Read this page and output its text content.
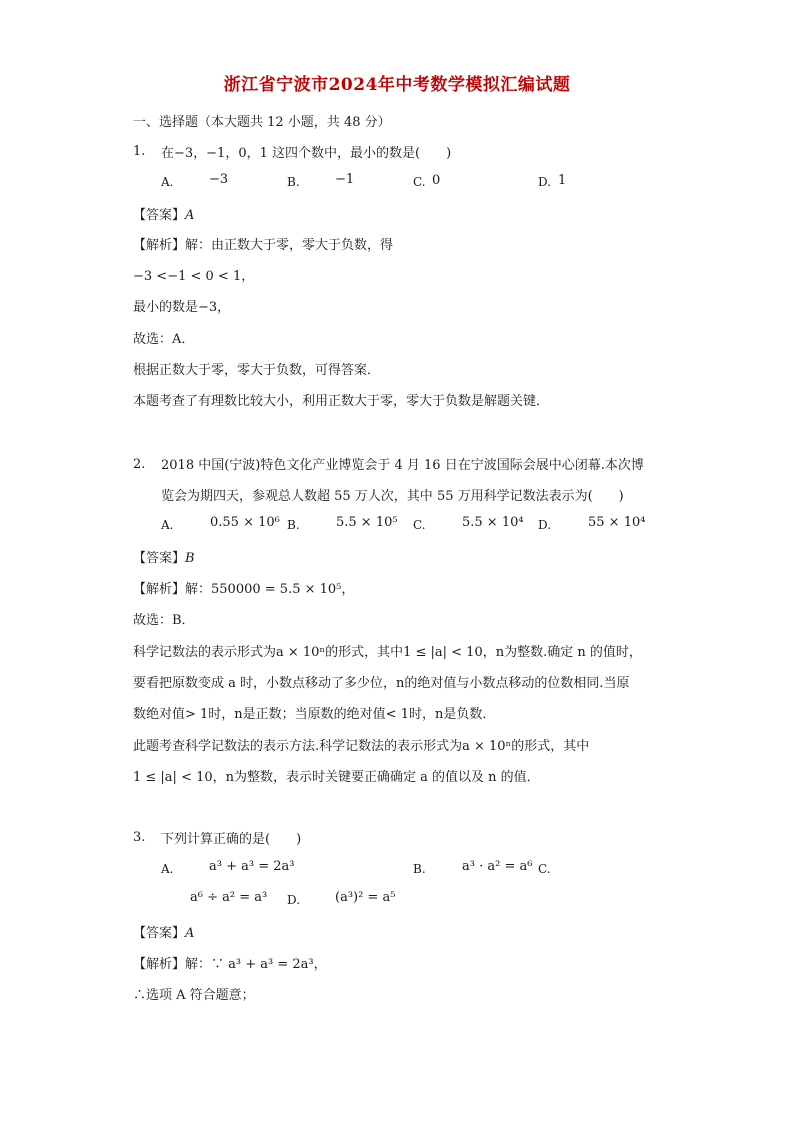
浙江省宁波市2024年中考数学模拟汇编试题
一、选择题（本大题共 12 小题，共 48 分）
1. 在−3，−1，0，1 这四个数中，最小的数是(　　)
A.	−3	B.	−1	C. 0	D. 1
【答案】A
【解析】解：由正数大于零，零大于负数，得
−3 <−1 < 0 < 1，
最小的数是−3，
故选：A．
根据正数大于零，零大于负数，可得答案．
本题考查了有理数比较大小，利用正数大于零，零大于负数是解题关键．
2. 2018 中国(宁波)特色文化产业博览会于 4 月 16 日在宁波国际会展中心闭幕.本次博
览会为期四天，参观总人数超 55 万人次，其中 55 万用科学记数法表示为(　　)
A.	0.55 × 10⁶ B.	5.5 × 10⁵ C.	5.5 × 10⁴ D.	55 × 10⁴
【答案】B
【解析】解：550000 = 5.5 × 10⁵，
故选：B．
科学记数法的表示形式为a × 10ⁿ的形式，其中1 ≤ |a| < 10，n为整数.确定 n 的值时，
要看把原数变成 a 时，小数点移动了多少位，n的绝对值与小数点移动的位数相同.当原
数绝对值> 1时，n是正数；当原数的绝对值< 1时，n是负数．
此题考查科学记数法的表示方法.科学记数法的表示形式为a × 10ⁿ的形式，其中
1 ≤ |a| < 10，n为整数，表示时关键要正确确定 a 的值以及 n 的值．
3. 下列计算正确的是(　　)
A.	a³ + a³ = 2a³	B.	a³ · a² = a⁶ C.
a⁶ ÷ a² = a³ D.	(a³)² = a⁵
【答案】A
【解析】解：∵ a³ + a³ = 2a³，
∴选项 A 符合题意；
